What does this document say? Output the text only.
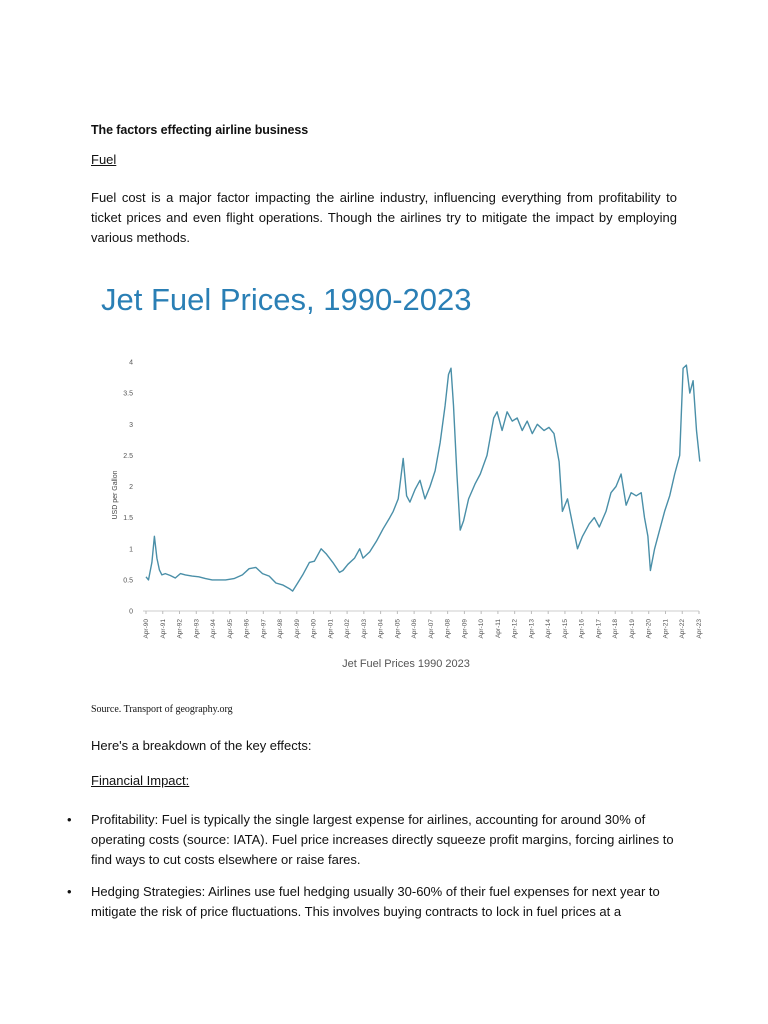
The factors effecting airline business
Fuel
Fuel cost is a major factor impacting the airline industry, influencing everything from profitability to ticket prices and even flight operations. Though the airlines try to mitigate the impact by employing various methods.
Jet Fuel Prices, 1990-2023
0
0.5
1
1.5
2
2.5
3
3.5
4
USD per Gallon
Apr-90 Apr-91 Apr-92 Apr-93 Apr-94 Apr-95 Apr-96 Apr-97 Apr-98 Apr-99 Apr-00 Apr-01 Apr-02 Apr-03 Apr-04 Apr-05 Apr-06 Apr-07 Apr-08 Apr-09 Apr-10 Apr-11 Apr-12 Apr-13 Apr-14 Apr-15 Apr-16 Apr-17 Apr-18 Apr-19 Apr-20 Apr-21 Apr-22 Apr-23
Jet Fuel Prices 1990 2023
Source. Transport of geography.org
Here's a breakdown of the key effects:
Financial Impact:
• Profitability: Fuel is typically the single largest expense for airlines, accounting for around 30% of operating costs (source: IATA). Fuel price increases directly squeeze profit margins, forcing airlines to find ways to cut costs elsewhere or raise fares.
• Hedging Strategies: Airlines use fuel hedging usually 30-60% of their fuel expenses for next year to mitigate the risk of price fluctuations. This involves buying contracts to lock in fuel prices at a
